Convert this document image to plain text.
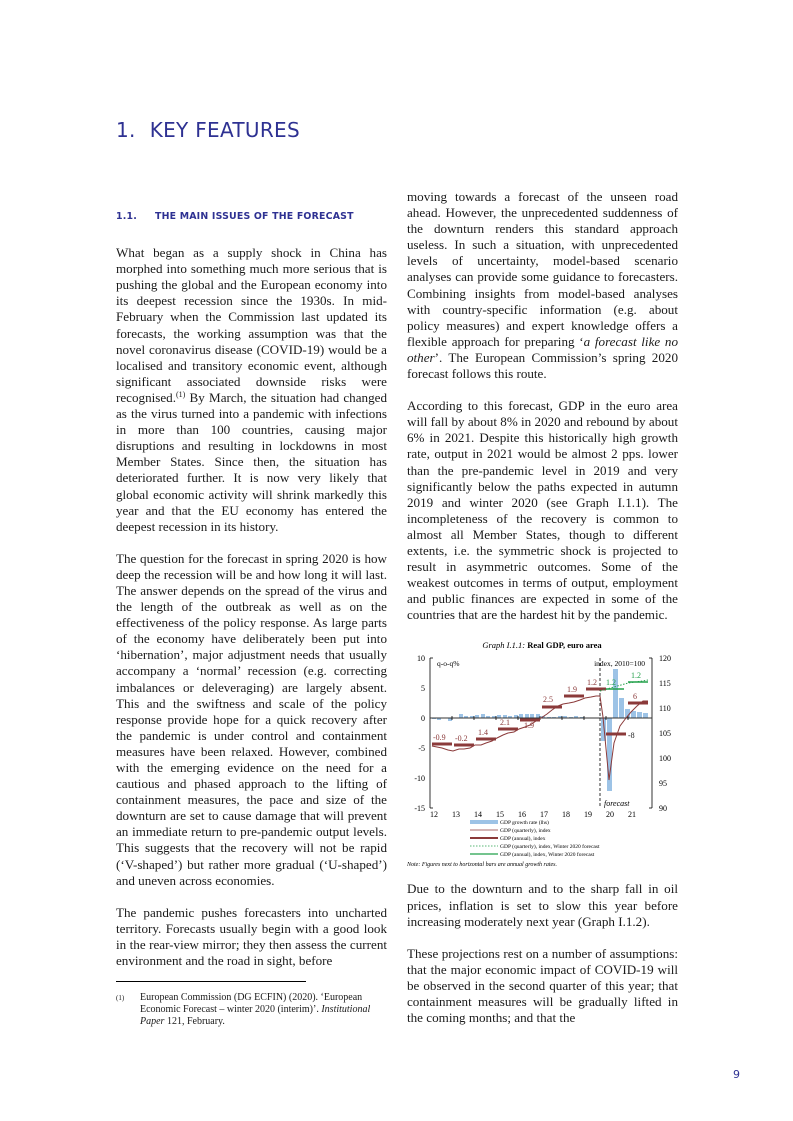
1. KEY FEATURES
1.1. THE MAIN ISSUES OF THE FORECAST

What began as a supply shock in China has morphed into something much more serious that is pushing the global and the European economy into its deepest recession since the 1930s. In mid-February when the Commission last updated its forecasts, the working assumption was that the novel coronavirus disease (COVID-19) would be a localised and transitory economic event, although significant associated downside risks were recognised.$^{(1)}$ By March, the situation had changed as the virus turned into a pandemic with infections in more than 100 countries, causing major disruptions and resulting in lockdowns in most Member States. Since then, the situation has deteriorated further. It is now very likely that global economic activity will shrink markedly this year and that the EU economy has entered the deepest recession in its history.

The question for the forecast in spring 2020 is how deep the recession will be and how long it will last. The answer depends on the spread of the virus and the length of the outbreak as well as on the effectiveness of the policy response. As large parts of the economy have deliberately been put into ‘hibernation’, major adjustment needs that usually accompany a ‘normal’ recession (e.g. correcting imbalances or deleveraging) are largely absent. This and the swiftness and scale of the policy response provide hope for a quick recovery after the pandemic is under control and containment measures have been relaxed. However, combined with the emerging evidence on the need for a cautious and phased approach to the lifting of containment measures, the pace and size of the downturn are set to cause damage that will prevent an immediate return to pre-pandemic output levels. This suggests that the recovery will not be rapid (‘V-shaped’) but rather more gradual (‘U-shaped’) and uneven across economies.

The pandemic pushes forecasters into uncharted territory. Forecasts usually begin with a good look in the rear-view mirror; they then assess the current environment and the road in sight, before

(1)	European Commission (DG ECFIN) (2020). ‘European Economic Forecast – winter 2020 (interim)’. Institutional Paper 121, February.

moving towards a forecast of the unseen road ahead. However, the unprecedented suddenness of the downturn renders this standard approach useless. In such a situation, with unprecedented levels of uncertainty, model-based scenario analyses can provide some guidance to forecasters. Combining insights from model-based analyses with country-specific information (e.g. about policy measures) and expert knowledge offers a flexible approach for preparing ‘a forecast like no other’. The European Commission’s spring 2020 forecast follows this route.

According to this forecast, GDP in the euro area will fall by about 8% in 2020 and rebound by about 6% in 2021. Despite this historically high growth rate, output in 2021 would be almost 2 pps. lower than the pre-pandemic level in 2019 and very significantly below the paths expected in autumn 2019 and winter 2020 (see Graph I.1.1). The incompleteness of the recovery is common to almost all Member States, though to different extents, i.e. the symmetric shock is projected to result in asymmetric outcomes. Some of the weakest outcomes in terms of output, employment and public finances are expected in some of the countries that are the hardest hit by the pandemic.

Graph I.1.1: Real GDP, euro area
10
5
0
-5
-10
-15
120
115
110
105
100
95
90
q-o-q%	index, 2010=100
-0.9 -0.2
1.4
2.1 1.9
2.5
1.9
1.2
-8
6
1.2
1.2
forecast
12 13 14 15 16 17 18 19 20 21
GDP growth rate (lhs)
GDP (quarterly), index
GDP (annual), index
GDP (quarterly), index, Winter 2020 forecast
GDP (annual), index, Winter 2020 forecast
Note: Figures next to horizontal bars are annual growth rates.

Due to the downturn and to the sharp fall in oil prices, inflation is set to slow this year before increasing moderately next year (Graph I.1.2).

These projections rest on a number of assumptions: that the major economic impact of COVID-19 will be observed in the second quarter of this year; that containment measures will be gradually lifted in the coming months; and that the

9
